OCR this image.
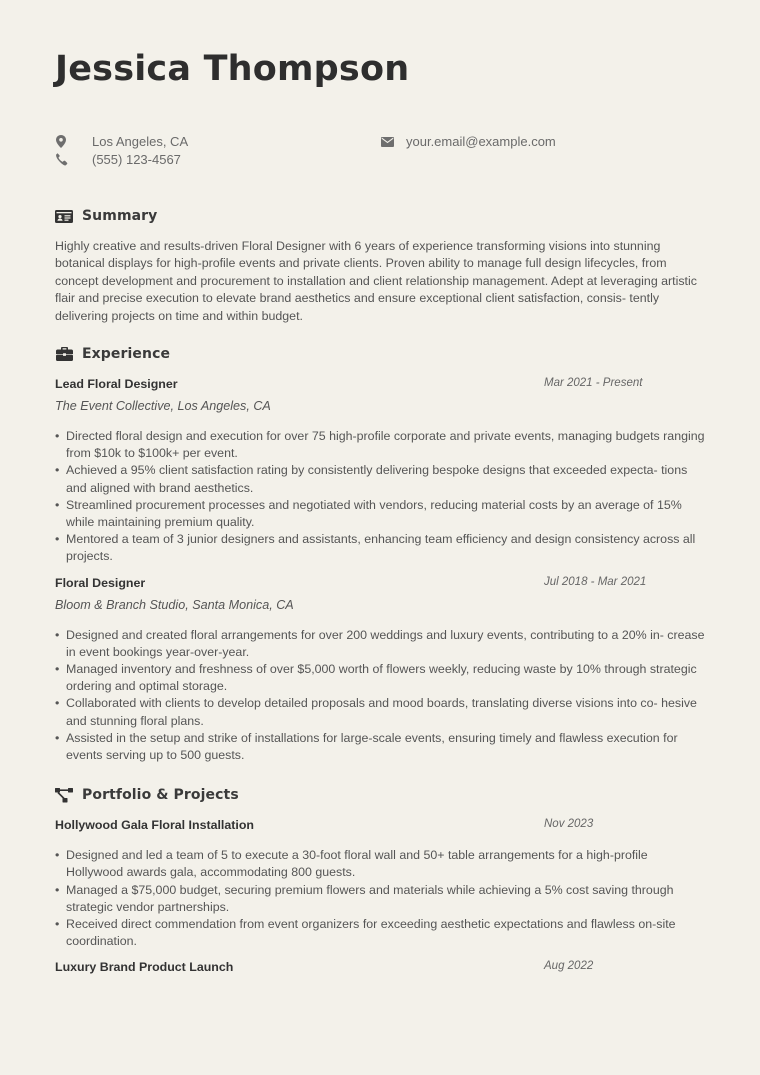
Jessica Thompson
Los Angeles, CA
(555) 123-4567
your.email@example.com
Summary
Highly creative and results-driven Floral Designer with 6 years of experience transforming visions into stunning botanical displays for high-profile events and private clients. Proven ability to manage full design lifecycles, from concept development and procurement to installation and client relationship management. Adept at leveraging artistic flair and precise execution to elevate brand aesthetics and ensure exceptional client satisfaction, consis- tently delivering projects on time and within budget.
Experience
Lead Floral Designer	Mar 2021 - Present
The Event Collective, Los Angeles, CA
• Directed floral design and execution for over 75 high-profile corporate and private events, managing budgets ranging from $10k to $100k+ per event.
• Achieved a 95% client satisfaction rating by consistently delivering bespoke designs that exceeded expecta- tions and aligned with brand aesthetics.
• Streamlined procurement processes and negotiated with vendors, reducing material costs by an average of 15% while maintaining premium quality.
• Mentored a team of 3 junior designers and assistants, enhancing team efficiency and design consistency across all projects.
Floral Designer	Jul 2018 - Mar 2021
Bloom & Branch Studio, Santa Monica, CA
• Designed and created floral arrangements for over 200 weddings and luxury events, contributing to a 20% in- crease in event bookings year-over-year.
• Managed inventory and freshness of over $5,000 worth of flowers weekly, reducing waste by 10% through strategic ordering and optimal storage.
• Collaborated with clients to develop detailed proposals and mood boards, translating diverse visions into co- hesive and stunning floral plans.
• Assisted in the setup and strike of installations for large-scale events, ensuring timely and flawless execution for events serving up to 500 guests.
Portfolio & Projects
Hollywood Gala Floral Installation	Nov 2023
• Designed and led a team of 5 to execute a 30-foot floral wall and 50+ table arrangements for a high-profile Hollywood awards gala, accommodating 800 guests.
• Managed a $75,000 budget, securing premium flowers and materials while achieving a 5% cost saving through strategic vendor partnerships.
• Received direct commendation from event organizers for exceeding aesthetic expectations and flawless on-site coordination.
Luxury Brand Product Launch	Aug 2022
